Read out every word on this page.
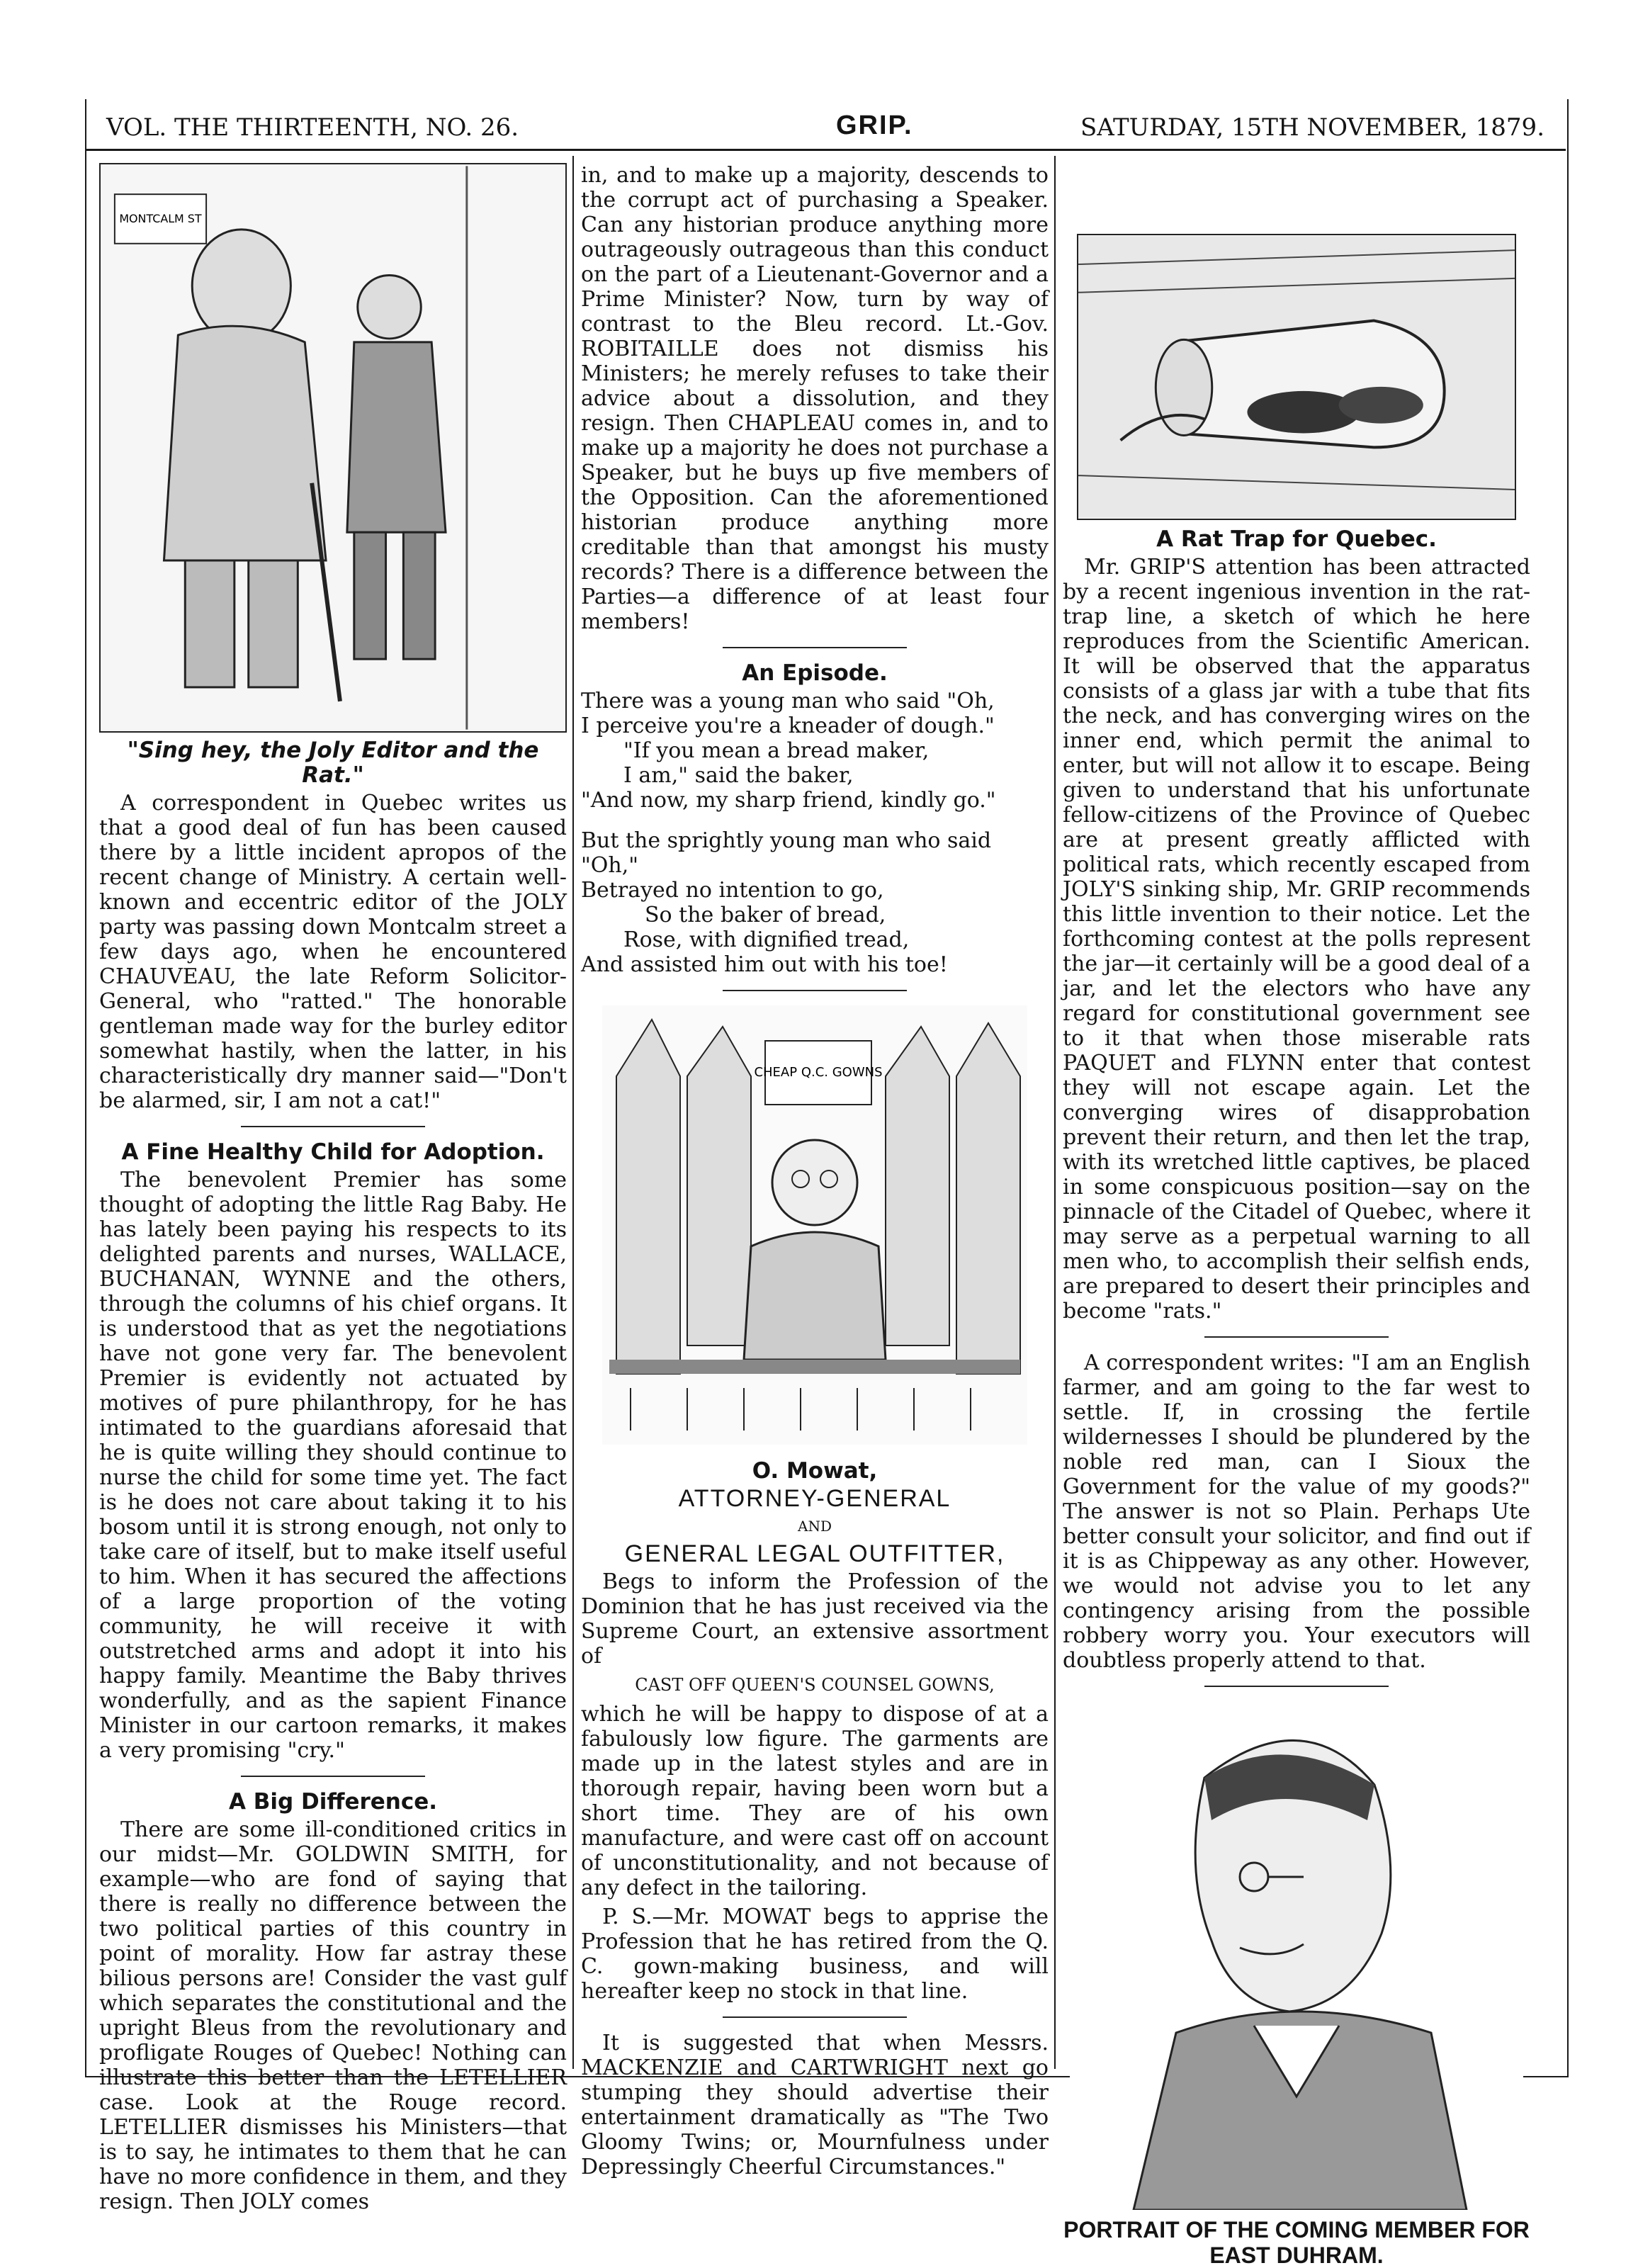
VOL. THE THIRTEENTH, NO. 26.	GRIP.	SATURDAY, 15TH NOVEMBER, 1879.
MONTCALM ST
"Sing hey, the Joly Editor and the Rat."

A correspondent in Quebec writes us that a good deal of fun has been caused there by a little incident apropos of the recent change of Ministry. A certain well-known and eccentric editor of the JOLY party was passing down Montcalm street a few days ago, when he encountered CHAUVEAU, the late Reform Solicitor-General, who "ratted." The honorable gentleman made way for the burley editor somewhat hastily, when the latter, in his characteristically dry manner said—"Don't be alarmed, sir, I am not a cat!"

A Fine Healthy Child for Adoption.

The benevolent Premier has some thought of adopting the little Rag Baby. He has lately been paying his respects to its delighted parents and nurses, WALLACE, BUCHANAN, WYNNE and the others, through the columns of his chief organs. It is understood that as yet the negotiations have not gone very far. The benevolent Premier is evidently not actuated by motives of pure philanthropy, for he has intimated to the guardians aforesaid that he is quite willing they should continue to nurse the child for some time yet. The fact is he does not care about taking it to his bosom until it is strong enough, not only to take care of itself, but to make itself useful to him. When it has secured the affections of a large proportion of the voting community, he will receive it with outstretched arms and adopt it into his happy family. Meantime the Baby thrives wonderfully, and as the sapient Finance Minister in our cartoon remarks, it makes a very promising "cry."

A Big Difference.

There are some ill-conditioned critics in our midst—Mr. GOLDWIN SMITH, for example—who are fond of saying that there is really no difference between the two political parties of this country in point of morality. How far astray these bilious persons are! Consider the vast gulf which separates the constitutional and the upright Bleus from the revolutionary and profligate Rouges of Quebec! Nothing can illustrate this better than the LETELLIER case. Look at the Rouge record. LETELLIER dismisses his Ministers—that is to say, he intimates to them that he can have no more confidence in them, and they resign. Then JOLY comes

in, and to make up a majority, descends to the corrupt act of purchasing a Speaker. Can any historian produce anything more outrageously outrageous than this conduct on the part of a Lieutenant-Governor and a Prime Minister? Now, turn by way of contrast to the Bleu record. Lt.-Gov. ROBITAILLE does not dismiss his Ministers; he merely refuses to take their advice about a dissolution, and they resign. Then CHAPLEAU comes in, and to make up a majority he does not purchase a Speaker, but he buys up five members of the Opposition. Can the aforementioned historian produce anything more creditable than that amongst his musty records? There is a difference between the Parties—a difference of at least four members!

An Episode.

There was a young man who said "Oh,

I perceive you're a kneader of dough."

"If you mean a bread maker,

I am," said the baker,

"And now, my sharp friend, kindly go."

But the sprightly young man who said "Oh,"

Betrayed no intention to go,

So the baker of bread,

Rose, with dignified tread,

And assisted him out with his toe!

CHEAP Q.C. GOWNS
O. Mowat,
ATTORNEY-GENERAL
AND
GENERAL LEGAL OUTFITTER,

Begs to inform the Profession of the Dominion that he has just received via the Supreme Court, an extensive assortment of

CAST OFF QUEEN'S COUNSEL GOWNS,

which he will be happy to dispose of at a fabulously low figure. The garments are made up in the latest styles and are in thorough repair, having been worn but a short time. They are of his own manufacture, and were cast off on account of unconstitutionality, and not because of any defect in the tailoring.

P. S.—Mr. MOWAT begs to apprise the Profession that he has retired from the Q. C. gown-making business, and will hereafter keep no stock in that line.

It is suggested that when Messrs. MACKENZIE and CARTWRIGHT next go stumping they should advertise their entertainment dramatically as "The Two Gloomy Twins; or, Mournfulness under Depressingly Cheerful Circumstances."

A Rat Trap for Quebec.

Mr. GRIP'S attention has been attracted by a recent ingenious invention in the rat-trap line, a sketch of which he here reproduces from the Scientific American. It will be observed that the apparatus consists of a glass jar with a tube that fits the neck, and has converging wires on the inner end, which permit the animal to enter, but will not allow it to escape. Being given to understand that his unfortunate fellow-citizens of the Province of Quebec are at present greatly afflicted with political rats, which recently escaped from JOLY'S sinking ship, Mr. GRIP recommends this little invention to their notice. Let the forthcoming contest at the polls represent the jar—it certainly will be a good deal of a jar, and let the electors who have any regard for constitutional government see to it that when those miserable rats PAQUET and FLYNN enter that contest they will not escape again. Let the converging wires of disapprobation prevent their return, and then let the trap, with its wretched little captives, be placed in some conspicuous position—say on the pinnacle of the Citadel of Quebec, where it may serve as a perpetual warning to all men who, to accomplish their selfish ends, are prepared to desert their principles and become "rats."

A correspondent writes: "I am an English farmer, and am going to the far west to settle. If, in crossing the fertile wildernesses I should be plundered by the noble red man, can I Sioux the Government for the value of my goods?" The answer is not so Plain. Perhaps Ute better consult your solicitor, and find out if it is as Chippeway as any other. However, we would not advise you to let any contingency arising from the possible robbery worry you. Your executors will doubtless properly attend to that.

PORTRAIT OF THE COMING MEMBER FOR EAST DUHRAM.
